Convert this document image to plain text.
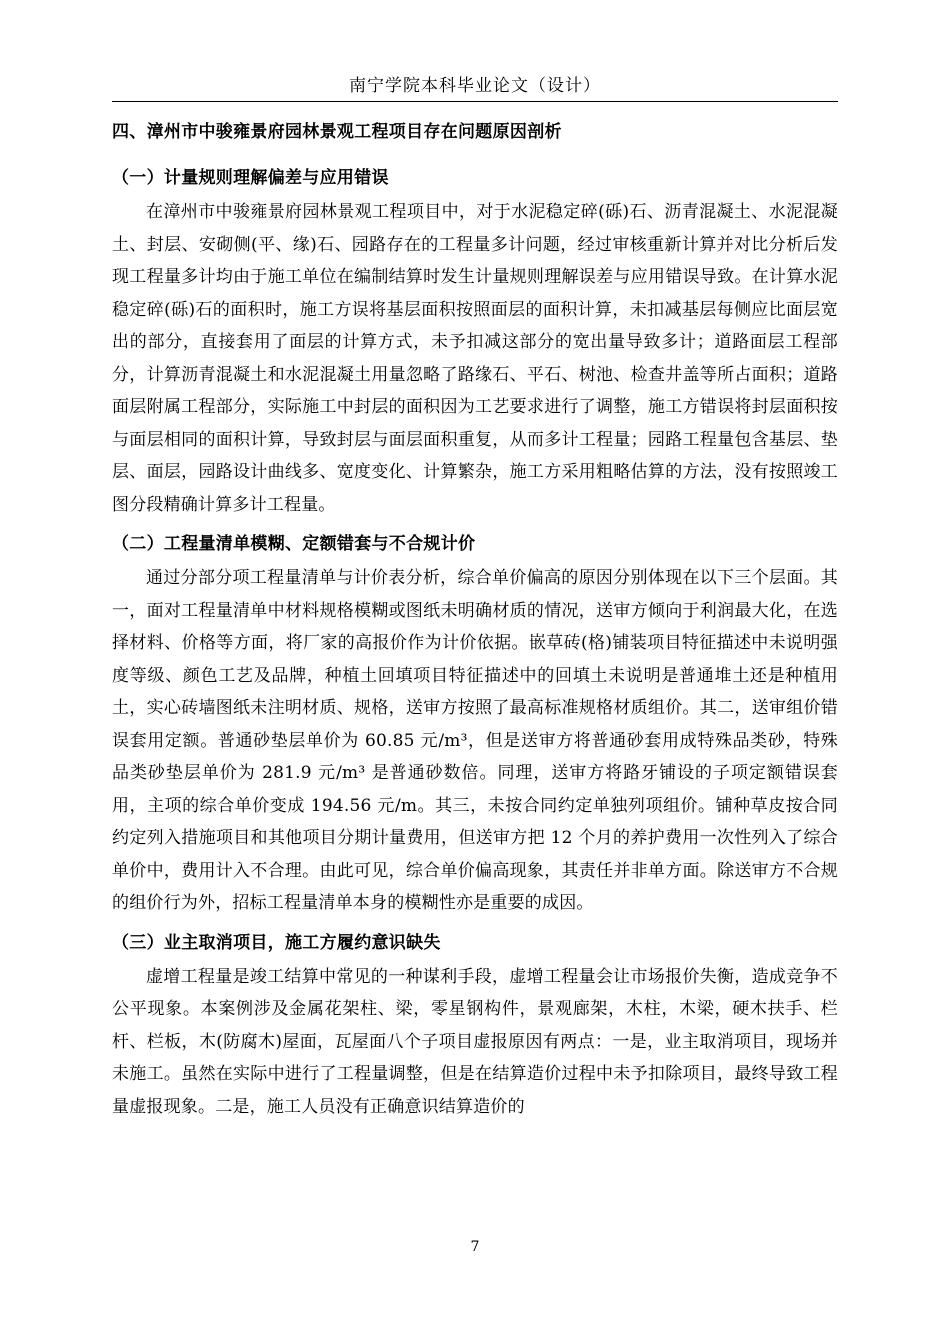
南宁学院本科毕业论文（设计）
四、漳州市中骏雍景府园林景观工程项目存在问题原因剖析
（一）计量规则理解偏差与应用错误

在漳州市中骏雍景府园林景观工程项目中，对于水泥稳定碎(砾)石、沥青混凝土、水泥混凝土、封层、安砌侧(平、缘)石、园路存在的工程量多计问题，经过审核重新计算并对比分析后发现工程量多计均由于施工单位在编制结算时发生计量规则理解误差与应用错误导致。在计算水泥稳定碎(砾)石的面积时，施工方误将基层面积按照面层的面积计算，未扣减基层每侧应比面层宽出的部分，直接套用了面层的计算方式，未予扣减这部分的宽出量导致多计；道路面层工程部分，计算沥青混凝土和水泥混凝土用量忽略了路缘石、平石、树池、检查井盖等所占面积；道路面层附属工程部分，实际施工中封层的面积因为工艺要求进行了调整，施工方错误将封层面积按与面层相同的面积计算，导致封层与面层面积重复，从而多计工程量；园路工程量包含基层、垫层、面层，园路设计曲线多、宽度变化、计算繁杂，施工方采用粗略估算的方法，没有按照竣工图分段精确计算多计工程量。

（二）工程量清单模糊、定额错套与不合规计价

通过分部分项工程量清单与计价表分析，综合单价偏高的原因分别体现在以下三个层面。其一，面对工程量清单中材料规格模糊或图纸未明确材质的情况，送审方倾向于利润最大化，在选择材料、价格等方面，将厂家的高报价作为计价依据。嵌草砖(格)铺装项目特征描述中未说明强度等级、颜色工艺及品牌，种植土回填项目特征描述中的回填土未说明是普通堆土还是种植用土，实心砖墙图纸未注明材质、规格，送审方按照了最高标准规格材质组价。其二，送审组价错误套用定额。普通砂垫层单价为 60.85 元/m³，但是送审方将普通砂套用成特殊品类砂，特殊品类砂垫层单价为 281.9 元/m³ 是普通砂数倍。同理，送审方将路牙铺设的子项定额错误套用，主项的综合单价变成 194.56 元/m。其三，未按合同约定单独列项组价。铺种草皮按合同约定列入措施项目和其他项目分期计量费用，但送审方把 12 个月的养护费用一次性列入了综合单价中，费用计入不合理。由此可见，综合单价偏高现象，其责任并非单方面。除送审方不合规的组价行为外，招标工程量清单本身的模糊性亦是重要的成因。

（三）业主取消项目，施工方履约意识缺失

虚增工程量是竣工结算中常见的一种谋利手段，虚增工程量会让市场报价失衡，造成竞争不公平现象。本案例涉及金属花架柱、梁，零星钢构件，景观廊架，木柱，木梁，硬木扶手、栏杆、栏板，木(防腐木)屋面，瓦屋面八个子项目虚报原因有两点：一是，业主取消项目，现场并未施工。虽然在实际中进行了工程量调整，但是在结算造价过程中未予扣除项目，最终导致工程量虚报现象。二是，施工人员没有正确意识结算造价的

7
